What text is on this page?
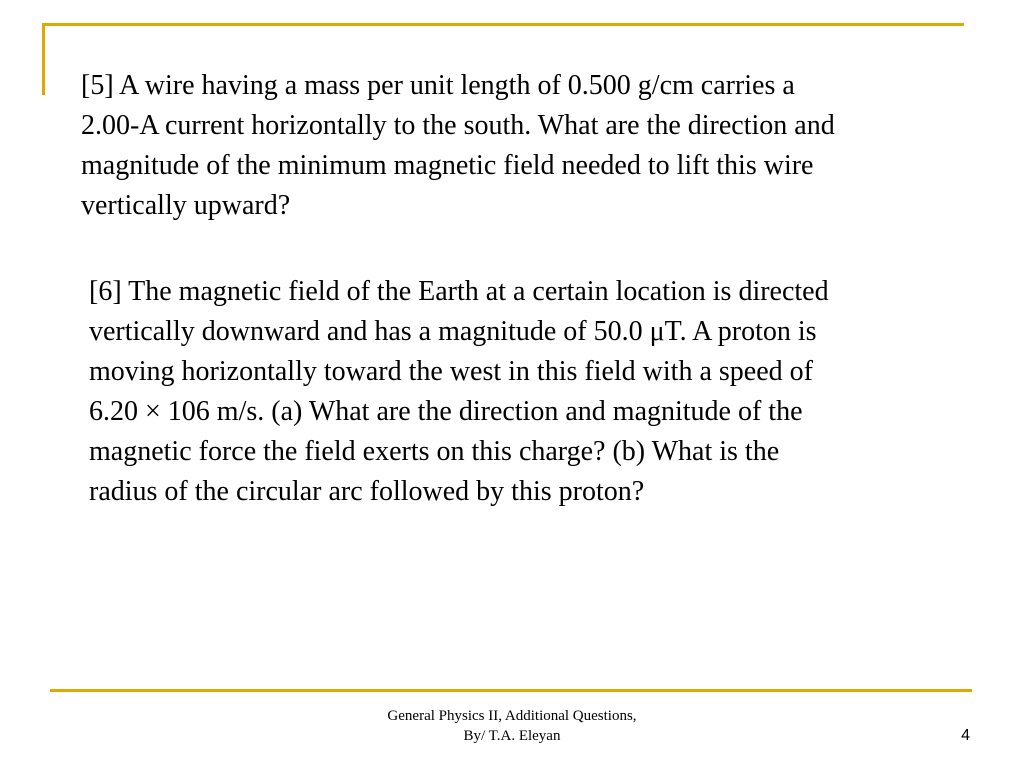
[5] A wire having a mass per unit length of 0.500 g/cm carries a
2.00-A current horizontally to the south. What are the direction and
magnitude of the minimum magnetic field needed to lift this wire
vertically upward?

[6] The magnetic field of the Earth at a certain location is directed
vertically downward and has a magnitude of 50.0 μT. A proton is
moving horizontally toward the west in this field with a speed of
6.20 × 106 m/s. (a) What are the direction and magnitude of the
magnetic force the field exerts on this charge? (b) What is the
radius of the circular arc followed by this proton?

General Physics II, Additional Questions,
By/ T.A. Eleyan	4
